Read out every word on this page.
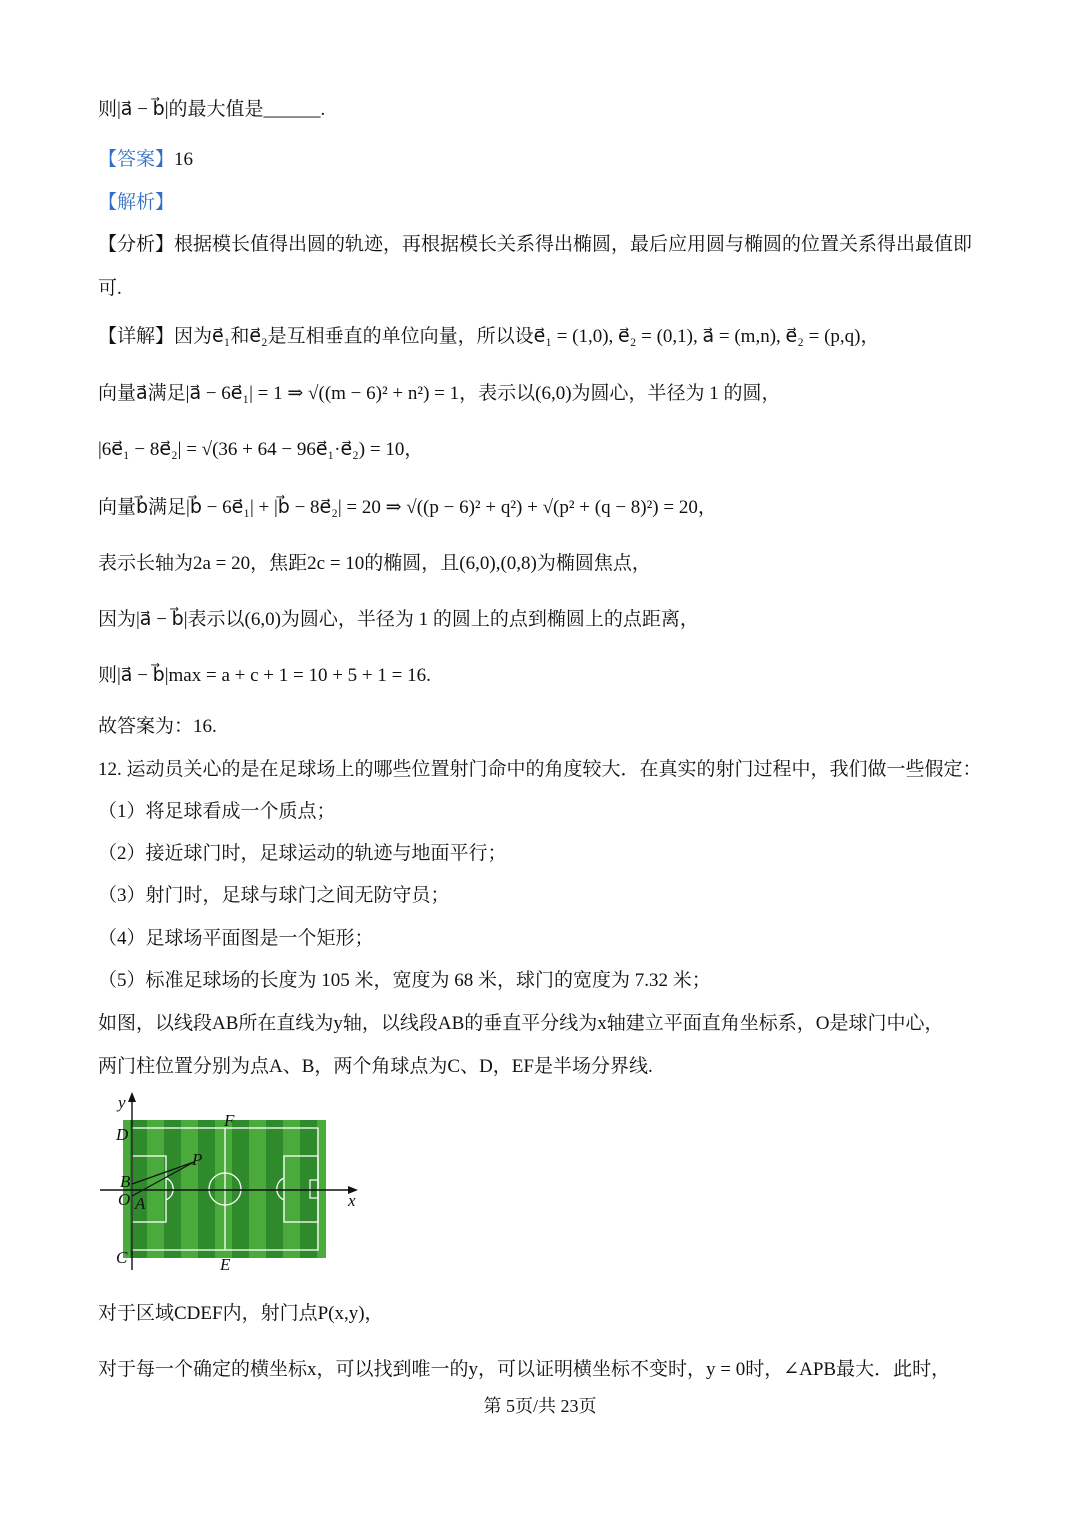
则|a⃗ − b⃗|的最大值是______.
【答案】16
【解析】
【分析】根据模长值得出圆的轨迹，再根据模长关系得出椭圆，最后应用圆与椭圆的位置关系得出最值即
可.
【详解】因为e⃗₁和e⃗₂是互相垂直的单位向量，所以设e⃗₁ = (1,0), e⃗₂ = (0,1), a⃗ = (m,n), e⃗₂ = (p,q)，
向量a⃗满足|a⃗ − 6e⃗₁| = 1 ⇒ √((m − 6)² + n²) = 1，表示以(6,0)为圆心，半径为 1 的圆，
|6e⃗₁ − 8e⃗₂| = √(36 + 64 − 96e⃗₁·e⃗₂) = 10，
向量b⃗满足|b⃗ − 6e⃗₁| + |b⃗ − 8e⃗₂| = 20 ⇒ √((p − 6)² + q²) + √(p² + (q − 8)²) = 20，
表示长轴为2a = 20，焦距2c = 10的椭圆，且(6,0),(0,8)为椭圆焦点，
因为|a⃗ − b⃗|表示以(6,0)为圆心，半径为 1 的圆上的点到椭圆上的点距离，
则|a⃗ − b⃗|max = a + c + 1 = 10 + 5 + 1 = 16.
故答案为：16.
12. 运动员关心的是在足球场上的哪些位置射门命中的角度较大．在真实的射门过程中，我们做一些假定：
（1）将足球看成一个质点；
（2）接近球门时，足球运动的轨迹与地面平行；
（3）射门时，足球与球门之间无防守员；
（4）足球场平面图是一个矩形；
（5）标准足球场的长度为 105 米，宽度为 68 米，球门的宽度为 7.32 米；
如图，以线段AB所在直线为y轴，以线段AB的垂直平分线为x轴建立平面直角坐标系，O是球门中心，
两门柱位置分别为点A、B，两个角球点为C、D，EF是半场分界线.
y
x
D
F
P
B
O A
C	E
对于区域CDEF内，射门点P(x,y)，
对于每一个确定的横坐标x，可以找到唯一的y，可以证明横坐标不变时，y = 0时，∠APB最大．此时，
第 5页/共 23页
